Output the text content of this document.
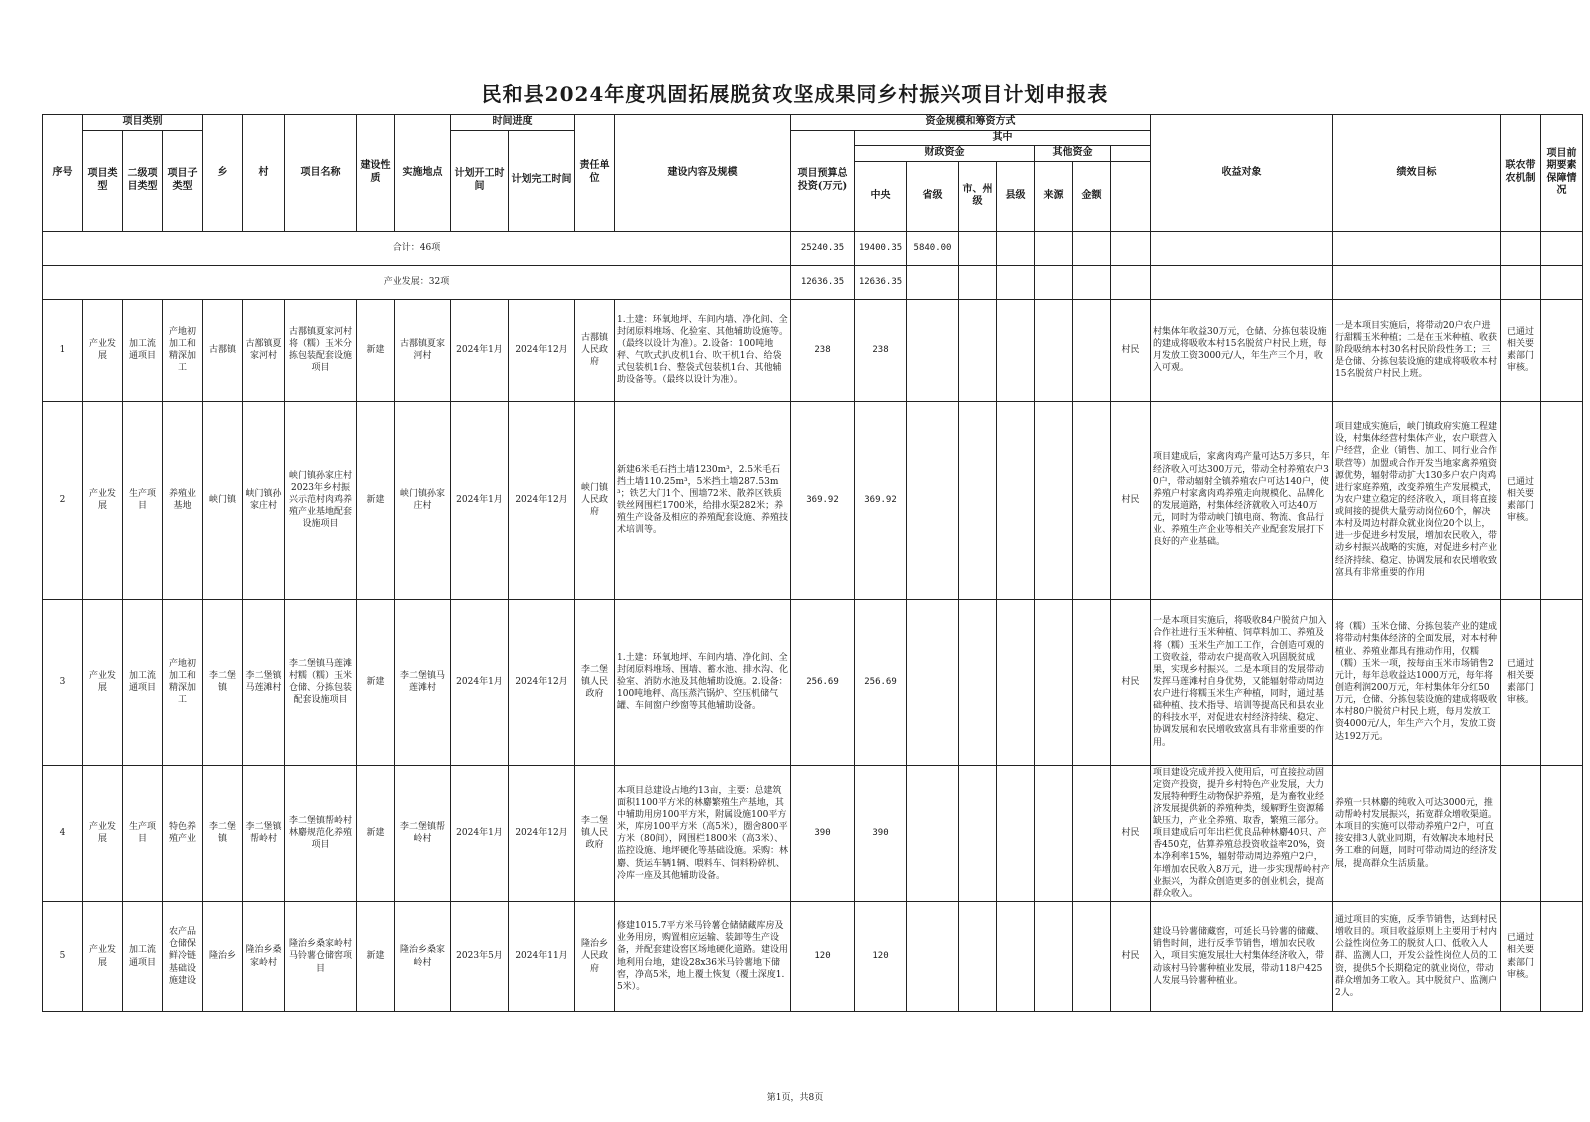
民和县2024年度巩固拓展脱贫攻坚成果同乡村振兴项目计划申报表
序号	项目类别			乡	村	项目名称	建设性质	实施地点	时间进度		责任单位	建设内容及规模	资金规模和筹资方式								收益对象	绩效目标	联农带农机制	项目前期要素保障情况	
	项目类型	二级项目类型	项目子类型						计划开工时间	计划完工时间			项目预算总投资(万元)	其中											
														财政资金				其他资金							
														中央	省级	市、州级	县级	来源	金额						
合计：46项													25240.35	19400.35	5840.00											
产业发展：32项													12636.35	12636.35												
1	产业发展	加工流通项目	产地初加工和精深加工	古鄯镇	古鄯镇夏家河村	古鄯镇夏家河村将（糯）玉米分拣包装配套设施项目	新建	古鄯镇夏家河村	2024年1月	2024年12月	古鄯镇人民政府	1.土建：环氧地坪、车间内墙、净化间、全封闭原料堆场、化验室、其他辅助设施等。（最终以设计为准）。2.设备：100吨地秤、气吹式扒皮机1台、吹干机1台、给袋式包装机1台、整袋式包装机1台、其他辅助设备等。（最终以设计为准）。	238	238						村民	村集体年收益30万元，仓储、分拣包装设施的建成将吸收本村15名脱贫户村民上班，每月发放工资3000元/人，年生产三个月，收入可观。	一是本项目实施后，将带动20户农户进行甜糯玉米种植；二是在玉米种植、收获阶段吸纳本村30名村民阶段性务工；三是仓储、分拣包装设施的建成将吸收本村15名脱贫户村民上班。	已通过相关要素部门审核。		
2	产业发展	生产项目	养殖业基地	峡门镇	峡门镇孙家庄村	峡门镇孙家庄村2023年乡村振兴示范村肉鸡养殖产业基地配套设施项目	新建	峡门镇孙家庄村	2024年1月	2024年12月	峡门镇人民政府	新建6米毛石挡土墙1230m³，2.5米毛石挡土墙110.25m³，5米挡土墙287.53m³；铁艺大门1个、围墙72米、散养区铁质铁丝网围栏1700米，给排水渠282米；养殖生产设备及相应的养殖配套设施、养殖技术培训等。	369.92	369.92						村民	项目建成后，家禽肉鸡产量可达5万多只，年经济收入可达300万元，带动全村养殖农户30户，带动辐射全镇养殖农户可达140户，使养殖户村家禽肉鸡养殖走向规模化、品牌化的发展道路，村集体经济就收入可达40万元，同时为带动峡门镇电商、物流、食品行业、养殖生产企业等相关产业配套发展打下良好的产业基础。	项目建成实施后，峡门镇政府实施工程建设，村集体经营村集体产业，农户联营入户经营，企业（销售、加工、同行业合作联营等）加盟或合作开发当地家禽养殖资源优势，辐射带动扩大130多户农户肉鸡进行家庭养殖，改变养殖生产发展模式，为农户建立稳定的经济收入，项目将直接或间接的提供大量劳动岗位60个，解决本村及周边村群众就业岗位20个以上，进一步促进乡村发展，增加农民收入，带动乡村振兴战略的实施，对促进乡村产业经济持续、稳定、协调发展和农民增收致富具有非常重要的作用	已通过相关要素部门审核。		
3	产业发展	加工流通项目	产地初加工和精深加工	李二堡镇	李二堡镇马莲滩村	李二堡镇马莲滩村糯（糯）玉米仓储、分拣包装配套设施项目	新建	李二堡镇马莲滩村	2024年1月	2024年12月	李二堡镇人民政府	1.土建：环氧地坪、车间内墙、净化间、全封闭原料堆场、围墙、蓄水池、排水沟、化验室、消防水池及其他辅助设施。2.设备：100吨地秤、高压蒸汽锅炉、空压机储气罐、车间窗户纱窗等其他辅助设备。	256.69	256.69						村民	一是本项目实施后，将吸收84户脱贫户加入合作社进行玉米种植、饲草料加工、养殖及将（糯）玉米生产加工工作，合创造可观的工资收益，带动农户提高收入巩固脱贫成果，实现乡村振兴。二是本项目的发展带动发挥马莲滩村自身优势，又能辐射带动周边农户进行将糯玉米生产种植，同时，通过基础种植、技术指导、培训等提高民和县农业的科技水平，对促进农村经济持续、稳定、协调发展和农民增收致富具有非常重要的作用。	将（糯）玉米仓储、分拣包装产业的建成将带动村集体经济的全面发展，对本村种植业、养殖业都具有推动作用，仅糯（糯）玉米一项，按每亩玉米市场销售2元计，每年总收益达1000万元，每年将创造利润200万元，年村集体年分红50万元，仓储、分拣包装设施的建成将吸收本村80户脱贫户村民上班，每月发放工资4000元/人，年生产六个月，发放工资达192万元。	已通过相关要素部门审核。		
4	产业发展	生产项目	特色养殖产业	李二堡镇	李二堡镇帮岭村	李二堡镇帮岭村林麝规范化养殖项目	新建	李二堡镇帮岭村	2024年1月	2024年12月	李二堡镇人民政府	本项目总建设占地约13亩，主要：总建筑面积1100平方米的林麝繁殖生产基地，其中辅助用房100平方米，附属设施100平方米，库房100平方米（高5米），圈舍800平方米（80间），网围栏1800米（高3米）、监控设施、地坪硬化等基础设施。采购：林麝、货运车辆1辆、喂料车、饲料粉碎机、冷库一座及其他辅助设备。	390	390						村民	项目建设完成并投入使用后，可直接拉动固定资产投资，提升乡村特色产业发展，大力发展特种野生动物保护养殖，是为畜牧业经济发展提供新的养殖种类，缓解野生资源稀缺压力，产业全养殖、取香，繁殖三部分。项目建成后可年出栏优良品种林麝40只、产香450克，估算养殖总投资收益率20%，资本净利率15%，辐射带动周边养殖户2户，年增加农民收入8万元，进一步实现帮岭村产业振兴，为群众创造更多的创业机会，提高群众收入。	养殖一只林麝的纯收入可达3000元，推动帮岭村发展振兴，拓宽群众增收渠道。本项目的实施可以带动养殖户2户，可直接安排3人就业同期，有效解决本地村民务工难的问题，同时可带动周边的经济发展，提高群众生活质量。			
5	产业发展	加工流通项目	农产品仓储保鲜冷链基础设施建设	隆治乡	隆治乡桑家岭村	隆治乡桑家岭村马铃薯仓储窖项目	新建	隆治乡桑家岭村	2023年5月	2024年11月	隆治乡人民政府	修建1015.7平方米马铃薯仓储储藏库房及业务用房，购置相应运输、装卸等生产设备，并配套建设窖区场地硬化道路。建设用地利用台地，建设28x36米马铃薯地下储窖，净高5米，地上覆土恢复（覆土深度1.5米）。	120	120						村民	建设马铃薯储藏窖，可延长马铃薯的储藏、销售时间，进行反季节销售，增加农民收入，项目实施发展壮大村集体经济收入，带动该村马铃薯种植业发展，带动118户425人发展马铃薯种植业。	通过项目的实施，反季节销售，达到村民增收目的。项目收益原则上主要用于村内公益性岗位务工的脱贫人口、低收入人群、监测人口，开发公益性岗位人员的工资，提供5个长期稳定的就业岗位，带动群众增加务工收入。其中脱贫户、监测户2人。	已通过相关要素部门审核。		
第1页，共8页
